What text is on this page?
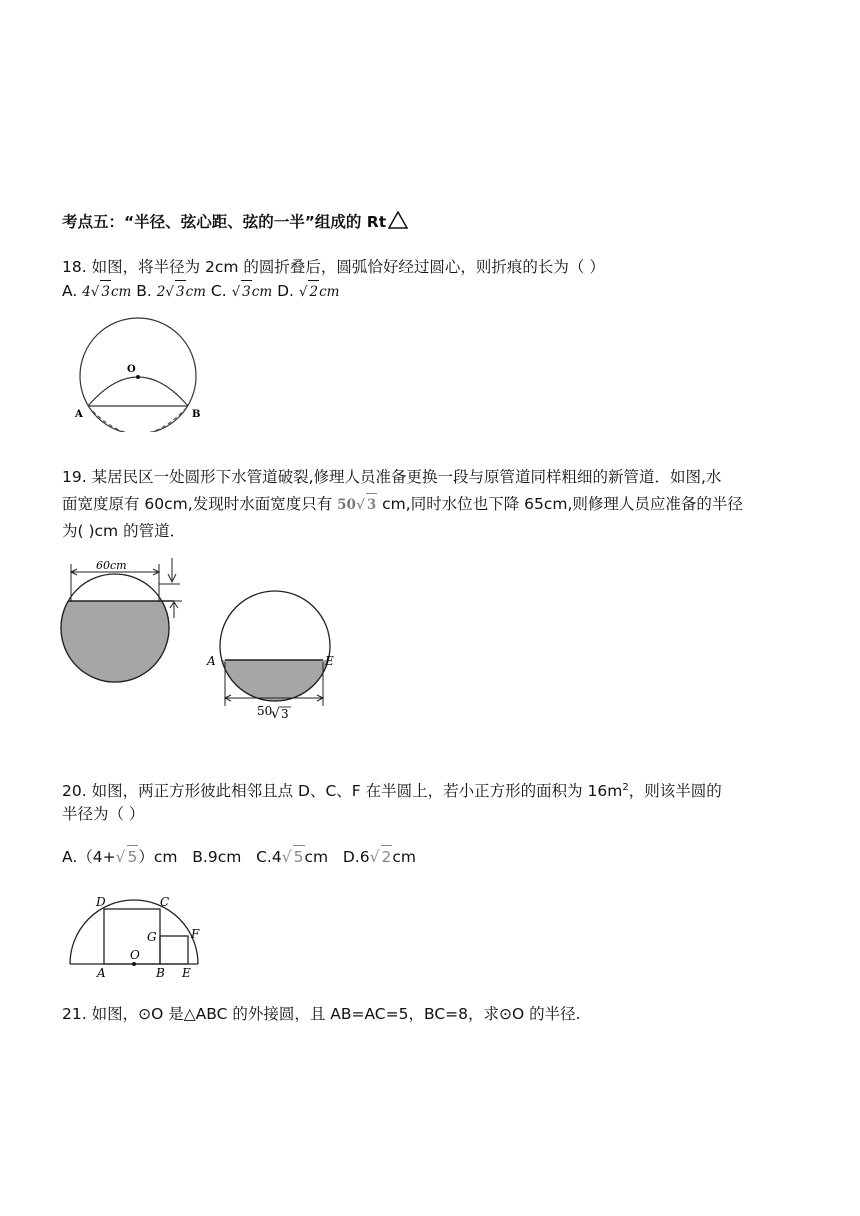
考点五：“半径、弦心距、弦的一半”组成的 Rt
18. 如图，将半径为 2cm 的圆折叠后，圆弧恰好经过圆心，则折痕的长为（ ）
A. 4√ 3cm B. 2√ 3cm C. √ 3cm D. √ 2cm
O
A	B
19. 某居民区一处圆形下水管道破裂,修理人员准备更换一段与原管道同样粗细的新管道．如图,水
面宽度原有 60cm,发现时水面宽度只有 50√ 3 cm,同时水位也下降 65cm,则修理人员应准备的半径
为( )cm 的管道．
60cm
A	E
50
√ 3
20. 如图，两正方形彼此相邻且点 D、C、F 在半圆上，若小正方形的面积为 $16m^2$，则该半圆的
半径为（ ）
A.（4+√ 5）cm B.9cm C.4√ 5cm D.6√ 2cm
D	C
G	F
A
O
B E
21. 如图，⊙O 是△ABC 的外接圆，且 AB=AC=5，BC=8，求⊙O 的半径.
